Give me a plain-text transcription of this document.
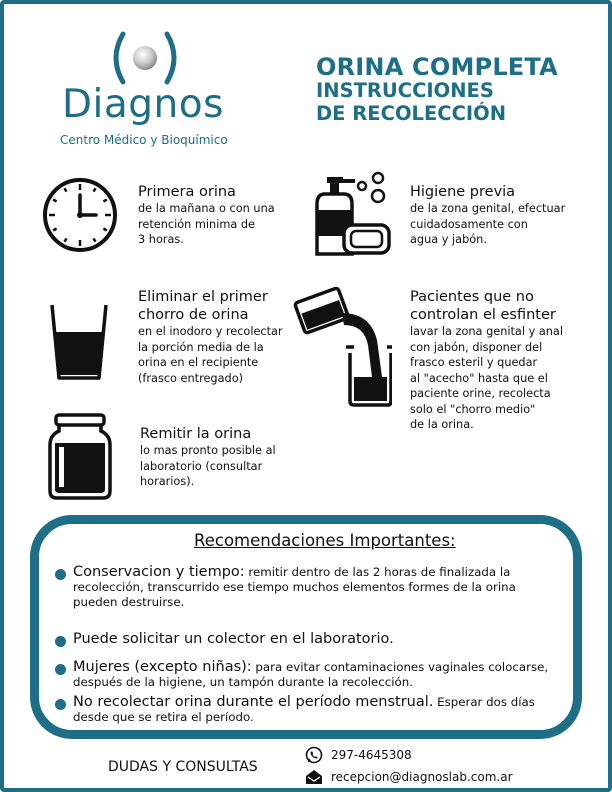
Diagnos
Centro Médico y Bioquímico
ORINA COMPLETA
INSTRUCCIONES
DE RECOLECCIÓN
Primera orina
de la mañana o con una
retención minima de
3 horas.
Eliminar el primer
chorro de orina
en el inodoro y recolectar
la porción media de la
orina en el recipiente
(frasco entregado)
Remitir la orina
lo mas pronto posible al
laboratorio (consultar
horarios).
Higiene previa
de la zona genital, efectuar
cuidadosamente con
agua y jabón.
Pacientes que no
controlan el esfinter
lavar la zona genital y anal
con jabón, disponer del
frasco esteril y quedar
al "acecho" hasta que el
paciente orine, recolecta
solo el "chorro medio"
de la orina.
Recomendaciones Importantes:
Conservacion y tiempo: remitir dentro de las 2 horas de finalizada la recolección, transcurrido ese tiempo muchos elementos formes de la orina pueden destruirse.
Puede solicitar un colector en el laboratorio.
Mujeres (excepto niñas): para evitar contaminaciones vaginales colocarse, después de la higiene, un tampón durante la recolección.
No recolectar orina durante el período menstrual. Esperar dos días desde que se retira el período.
DUDAS Y CONSULTAS
297-4645308
recepcion@diagnoslab.com.ar
